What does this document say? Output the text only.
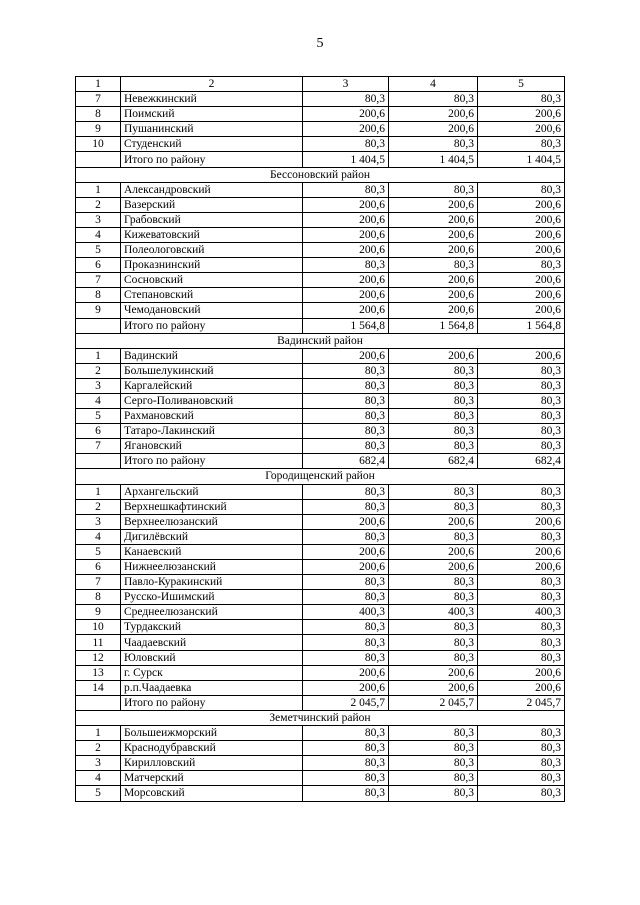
5
1	2	3	4	5
7	Невежкинский	80,3	80,3	80,3
8	Поимский	200,6	200,6	200,6
9	Пушанинский	200,6	200,6	200,6
10	Студенский	80,3	80,3	80,3
	Итого по району	1 404,5	1 404,5	1 404,5
Бессоновский район				
1	Александровский	80,3	80,3	80,3
2	Вазерский	200,6	200,6	200,6
3	Грабовский	200,6	200,6	200,6
4	Кижеватовский	200,6	200,6	200,6
5	Полеологовский	200,6	200,6	200,6
6	Проказнинский	80,3	80,3	80,3
7	Сосновский	200,6	200,6	200,6
8	Степановский	200,6	200,6	200,6
9	Чемодановский	200,6	200,6	200,6
	Итого по району	1 564,8	1 564,8	1 564,8
Вадинский район				
1	Вадинский	200,6	200,6	200,6
2	Большелукинский	80,3	80,3	80,3
3	Каргалейский	80,3	80,3	80,3
4	Серго-Поливановский	80,3	80,3	80,3
5	Рахмановский	80,3	80,3	80,3
6	Татаро-Лакинский	80,3	80,3	80,3
7	Ягановский	80,3	80,3	80,3
	Итого по району	682,4	682,4	682,4
Городищенский район				
1	Архангельский	80,3	80,3	80,3
2	Верхнешкафтинский	80,3	80,3	80,3
3	Верхнеелюзанский	200,6	200,6	200,6
4	Дигилёвский	80,3	80,3	80,3
5	Канаевский	200,6	200,6	200,6
6	Нижнеелюзанский	200,6	200,6	200,6
7	Павло-Куракинский	80,3	80,3	80,3
8	Русско-Ишимский	80,3	80,3	80,3
9	Среднеелюзанский	400,3	400,3	400,3
10	Турдакский	80,3	80,3	80,3
11	Чаадаевский	80,3	80,3	80,3
12	Юловский	80,3	80,3	80,3
13	г. Сурск	200,6	200,6	200,6
14	р.п.Чаадаевка	200,6	200,6	200,6
	Итого по району	2 045,7	2 045,7	2 045,7
Земетчинский район				
1	Большеижморский	80,3	80,3	80,3
2	Краснодубравский	80,3	80,3	80,3
3	Кирилловский	80,3	80,3	80,3
4	Матчерский	80,3	80,3	80,3
5	Морсовский	80,3	80,3	80,3
